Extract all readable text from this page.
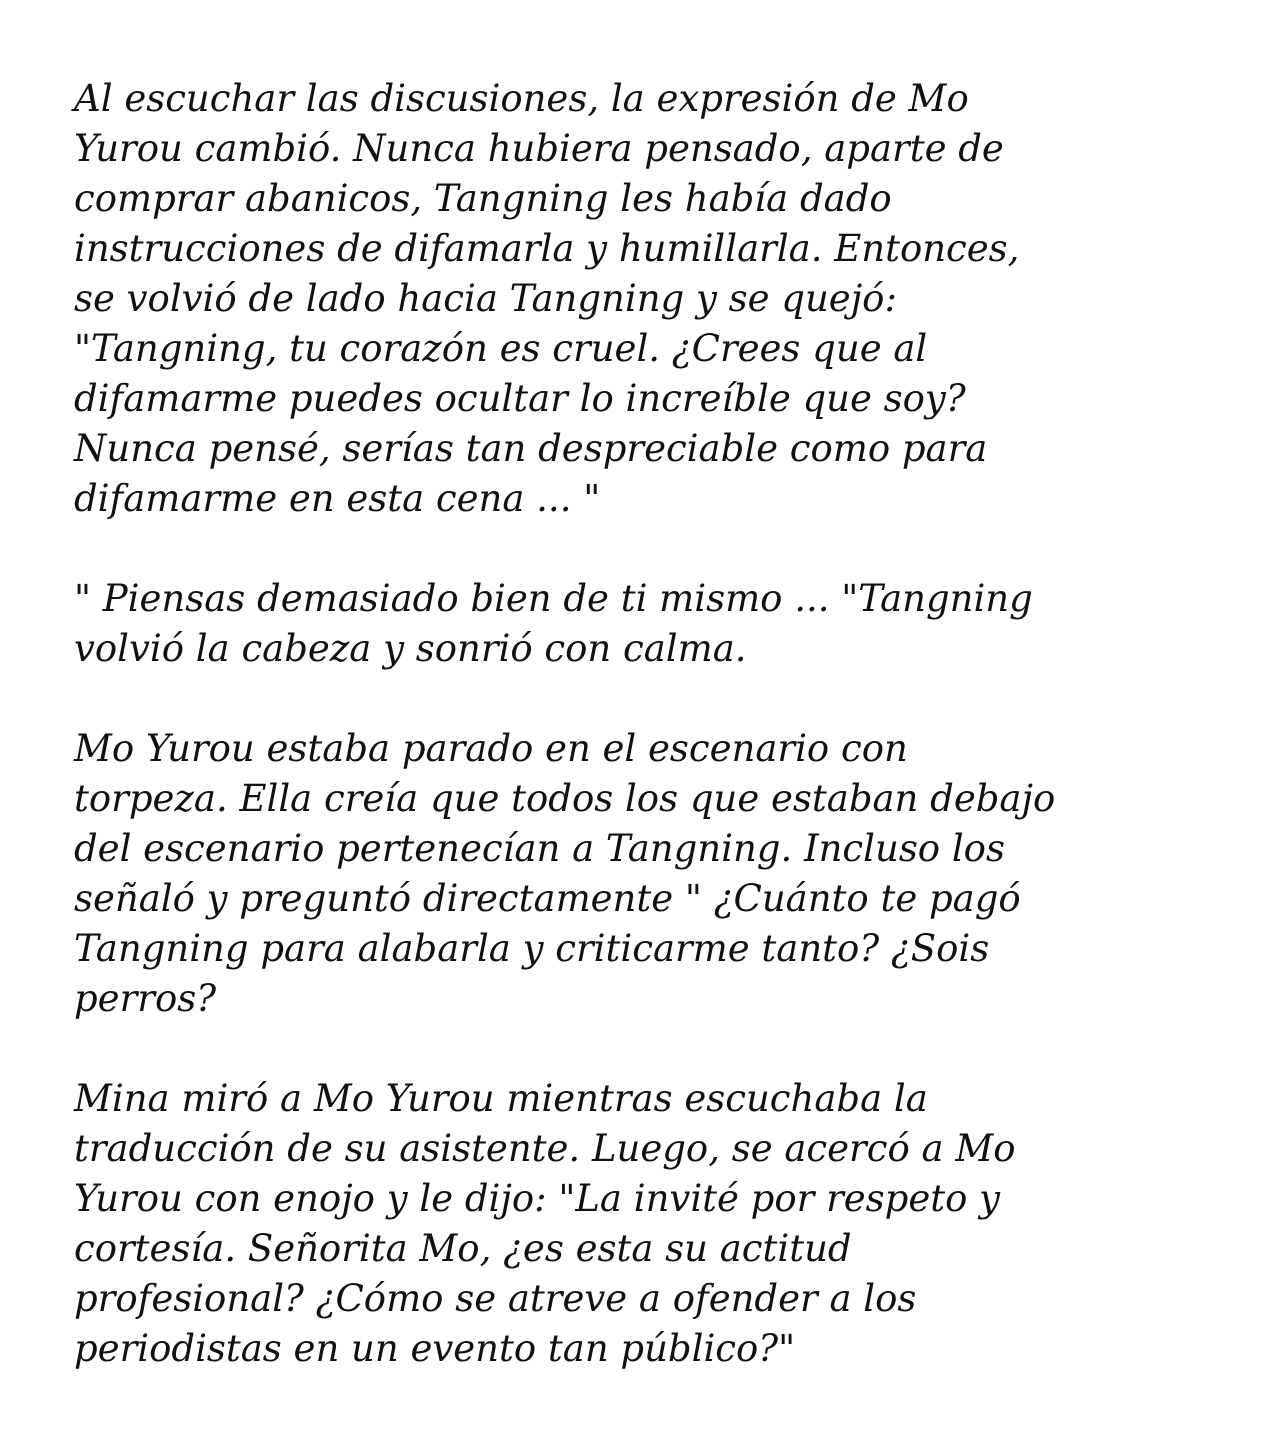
Al escuchar las discusiones, la expresión de Mo
Yurou cambió. Nunca hubiera pensado, aparte de
comprar abanicos, Tangning les había dado
instrucciones de difamarla y humillarla. Entonces,
se volvió de lado hacia Tangning y se quejó:
"Tangning, tu corazón es cruel. ¿Crees que al
difamarme puedes ocultar lo increíble que soy?
Nunca pensé, serías tan despreciable como para
difamarme en esta cena ... "

" Piensas demasiado bien de ti mismo ... "Tangning
volvió la cabeza y sonrió con calma.

Mo Yurou estaba parado en el escenario con
torpeza. Ella creía que todos los que estaban debajo
del escenario pertenecían a Tangning. Incluso los
señaló y preguntó directamente " ¿Cuánto te pagó
Tangning para alabarla y criticarme tanto? ¿Sois
perros?

Mina miró a Mo Yurou mientras escuchaba la
traducción de su asistente. Luego, se acercó a Mo
Yurou con enojo y le dijo: "La invité por respeto y
cortesía. Señorita Mo, ¿es esta su actitud
profesional? ¿Cómo se atreve a ofender a los
periodistas en un evento tan público?"
